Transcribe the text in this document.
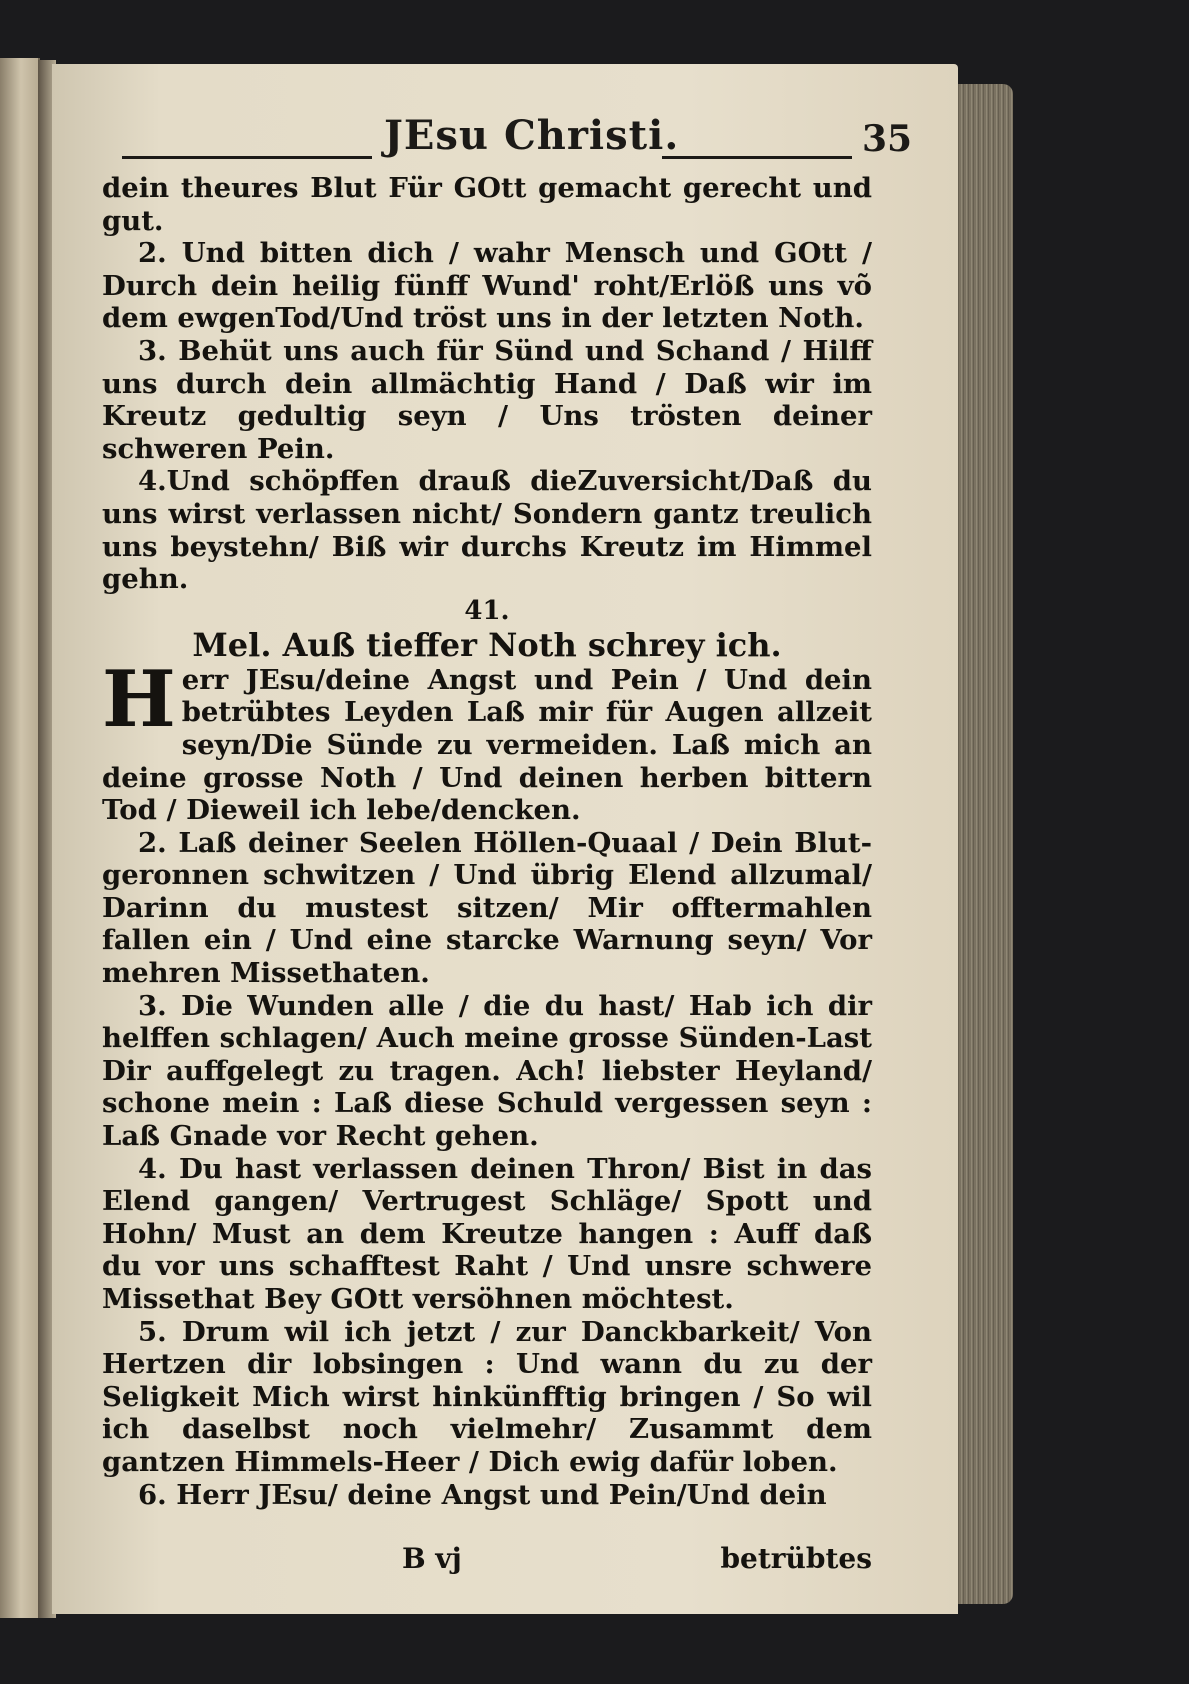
JEsu Christi.	35

dein theures Blut Für GOtt gemacht gerecht und gut.

2. Und bitten dich / wahr Mensch und GOtt / Durch dein heilig fünff Wund' roht/Erlöß uns võ dem ewgenTod/Und tröst uns in der letzten Noth.

3. Behüt uns auch für Sünd und Schand / Hilff uns durch dein allmächtig Hand / Daß wir im Kreutz gedultig seyn / Uns trösten deiner schweren Pein.

4.Und schöpffen drauß dieZuversicht/Daß du uns wirst verlassen nicht/ Sondern gantz treulich uns beystehn/ Biß wir durchs Kreutz im Himmel gehn.

41.

Mel. Auß tieffer Noth schrey ich.

Herr JEsu/deine Angst und Pein / Und dein betrübtes Leyden Laß mir für Augen allzeit seyn/Die Sünde zu vermeiden. Laß mich an deine grosse Noth / Und deinen herben bittern Tod / Dieweil ich lebe/dencken.

2. Laß deiner Seelen Höllen-Quaal / Dein Blut-geronnen schwitzen / Und übrig Elend allzumal/ Darinn du mustest sitzen/ Mir offtermahlen fallen ein / Und eine starcke Warnung seyn/ Vor mehren Missethaten.

3. Die Wunden alle / die du hast/ Hab ich dir helffen schlagen/ Auch meine grosse Sünden-Last Dir auffgelegt zu tragen. Ach! liebster Heyland/ schone mein : Laß diese Schuld vergessen seyn : Laß Gnade vor Recht gehen.

4. Du hast verlassen deinen Thron/ Bist in das Elend gangen/ Vertrugest Schläge/ Spott und Hohn/ Must an dem Kreutze hangen : Auff daß du vor uns schafftest Raht / Und unsre schwere Missethat Bey GOtt versöhnen möchtest.

5. Drum wil ich jetzt / zur Danckbarkeit/ Von Hertzen dir lobsingen : Und wann du zu der Seligkeit Mich wirst hinkünfftig bringen / So wil ich daselbst noch vielmehr/ Zusammt dem gantzen Himmels-Heer / Dich ewig dafür loben.

6. Herr JEsu/ deine Angst und Pein/Und dein

B vj	betrübtes
